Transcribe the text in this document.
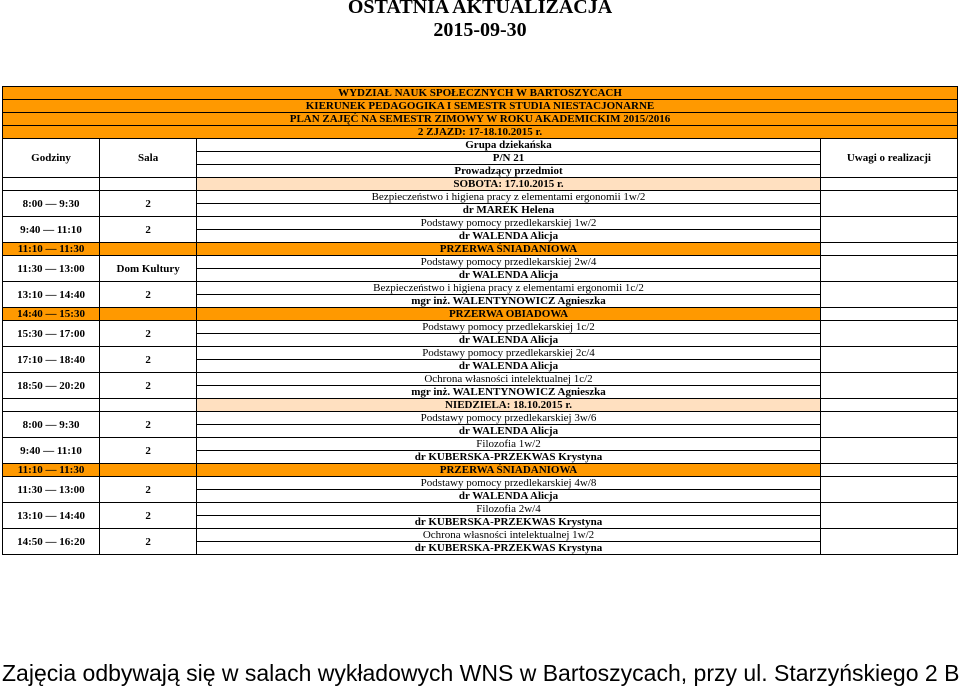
OSTATNIA AKTUALIZACJA
2015-09-30
WYDZIAŁ NAUK SPOŁECZNYCH W BARTOSZYCACH			
KIERUNEK PEDAGOGIKA I SEMESTR STUDIA NIESTACJONARNE			
PLAN ZAJĘĆ NA SEMESTR ZIMOWY W ROKU AKADEMICKIM 2015/2016			
2 ZJAZD: 17-18.10.2015 r.			
Godziny	Sala	Grupa dziekańska	Uwagi o realizacji
		P/N 21	
		Prowadzący przedmiot	
		SOBOTA: 17.10.2015 r.	
8:00 — 9:30	2	Bezpieczeństwo i higiena pracy z elementami ergonomii 1w/2	
		dr MAREK Helena	
9:40 — 11:10	2	Podstawy pomocy przedlekarskiej 1w/2	
		dr WALENDA Alicja	
11:10 — 11:30		PRZERWA ŚNIADANIOWA	
11:30 — 13:00	Dom Kultury	Podstawy pomocy przedlekarskiej 2w/4	
		dr WALENDA Alicja	
13:10 — 14:40	2	Bezpieczeństwo i higiena pracy z elementami ergonomii 1c/2	
		mgr inż. WALENTYNOWICZ Agnieszka	
14:40 — 15:30		PRZERWA OBIADOWA	
15:30 — 17:00	2	Podstawy pomocy przedlekarskiej 1c/2	
		dr WALENDA Alicja	
17:10 — 18:40	2	Podstawy pomocy przedlekarskiej 2c/4	
		dr WALENDA Alicja	
18:50 — 20:20	2	Ochrona własności intelektualnej 1c/2	
		mgr inż. WALENTYNOWICZ Agnieszka	
		NIEDZIELA: 18.10.2015 r.	
8:00 — 9:30	2	Podstawy pomocy przedlekarskiej 3w/6	
		dr WALENDA Alicja	
9:40 — 11:10	2	Filozofia 1w/2	
		dr KUBERSKA-PRZEKWAS Krystyna	
11:10 — 11:30		PRZERWA ŚNIADANIOWA	
11:30 — 13:00	2	Podstawy pomocy przedlekarskiej 4w/8	
		dr WALENDA Alicja	
13:10 — 14:40	2	Filozofia 2w/4	
		dr KUBERSKA-PRZEKWAS Krystyna	
14:50 — 16:20	2	Ochrona własności intelektualnej 1w/2	
		dr KUBERSKA-PRZEKWAS Krystyna	
Zajęcia odbywają się w salach wykładowych WNS w Bartoszycach, przy ul. Starzyńskiego 2 B
